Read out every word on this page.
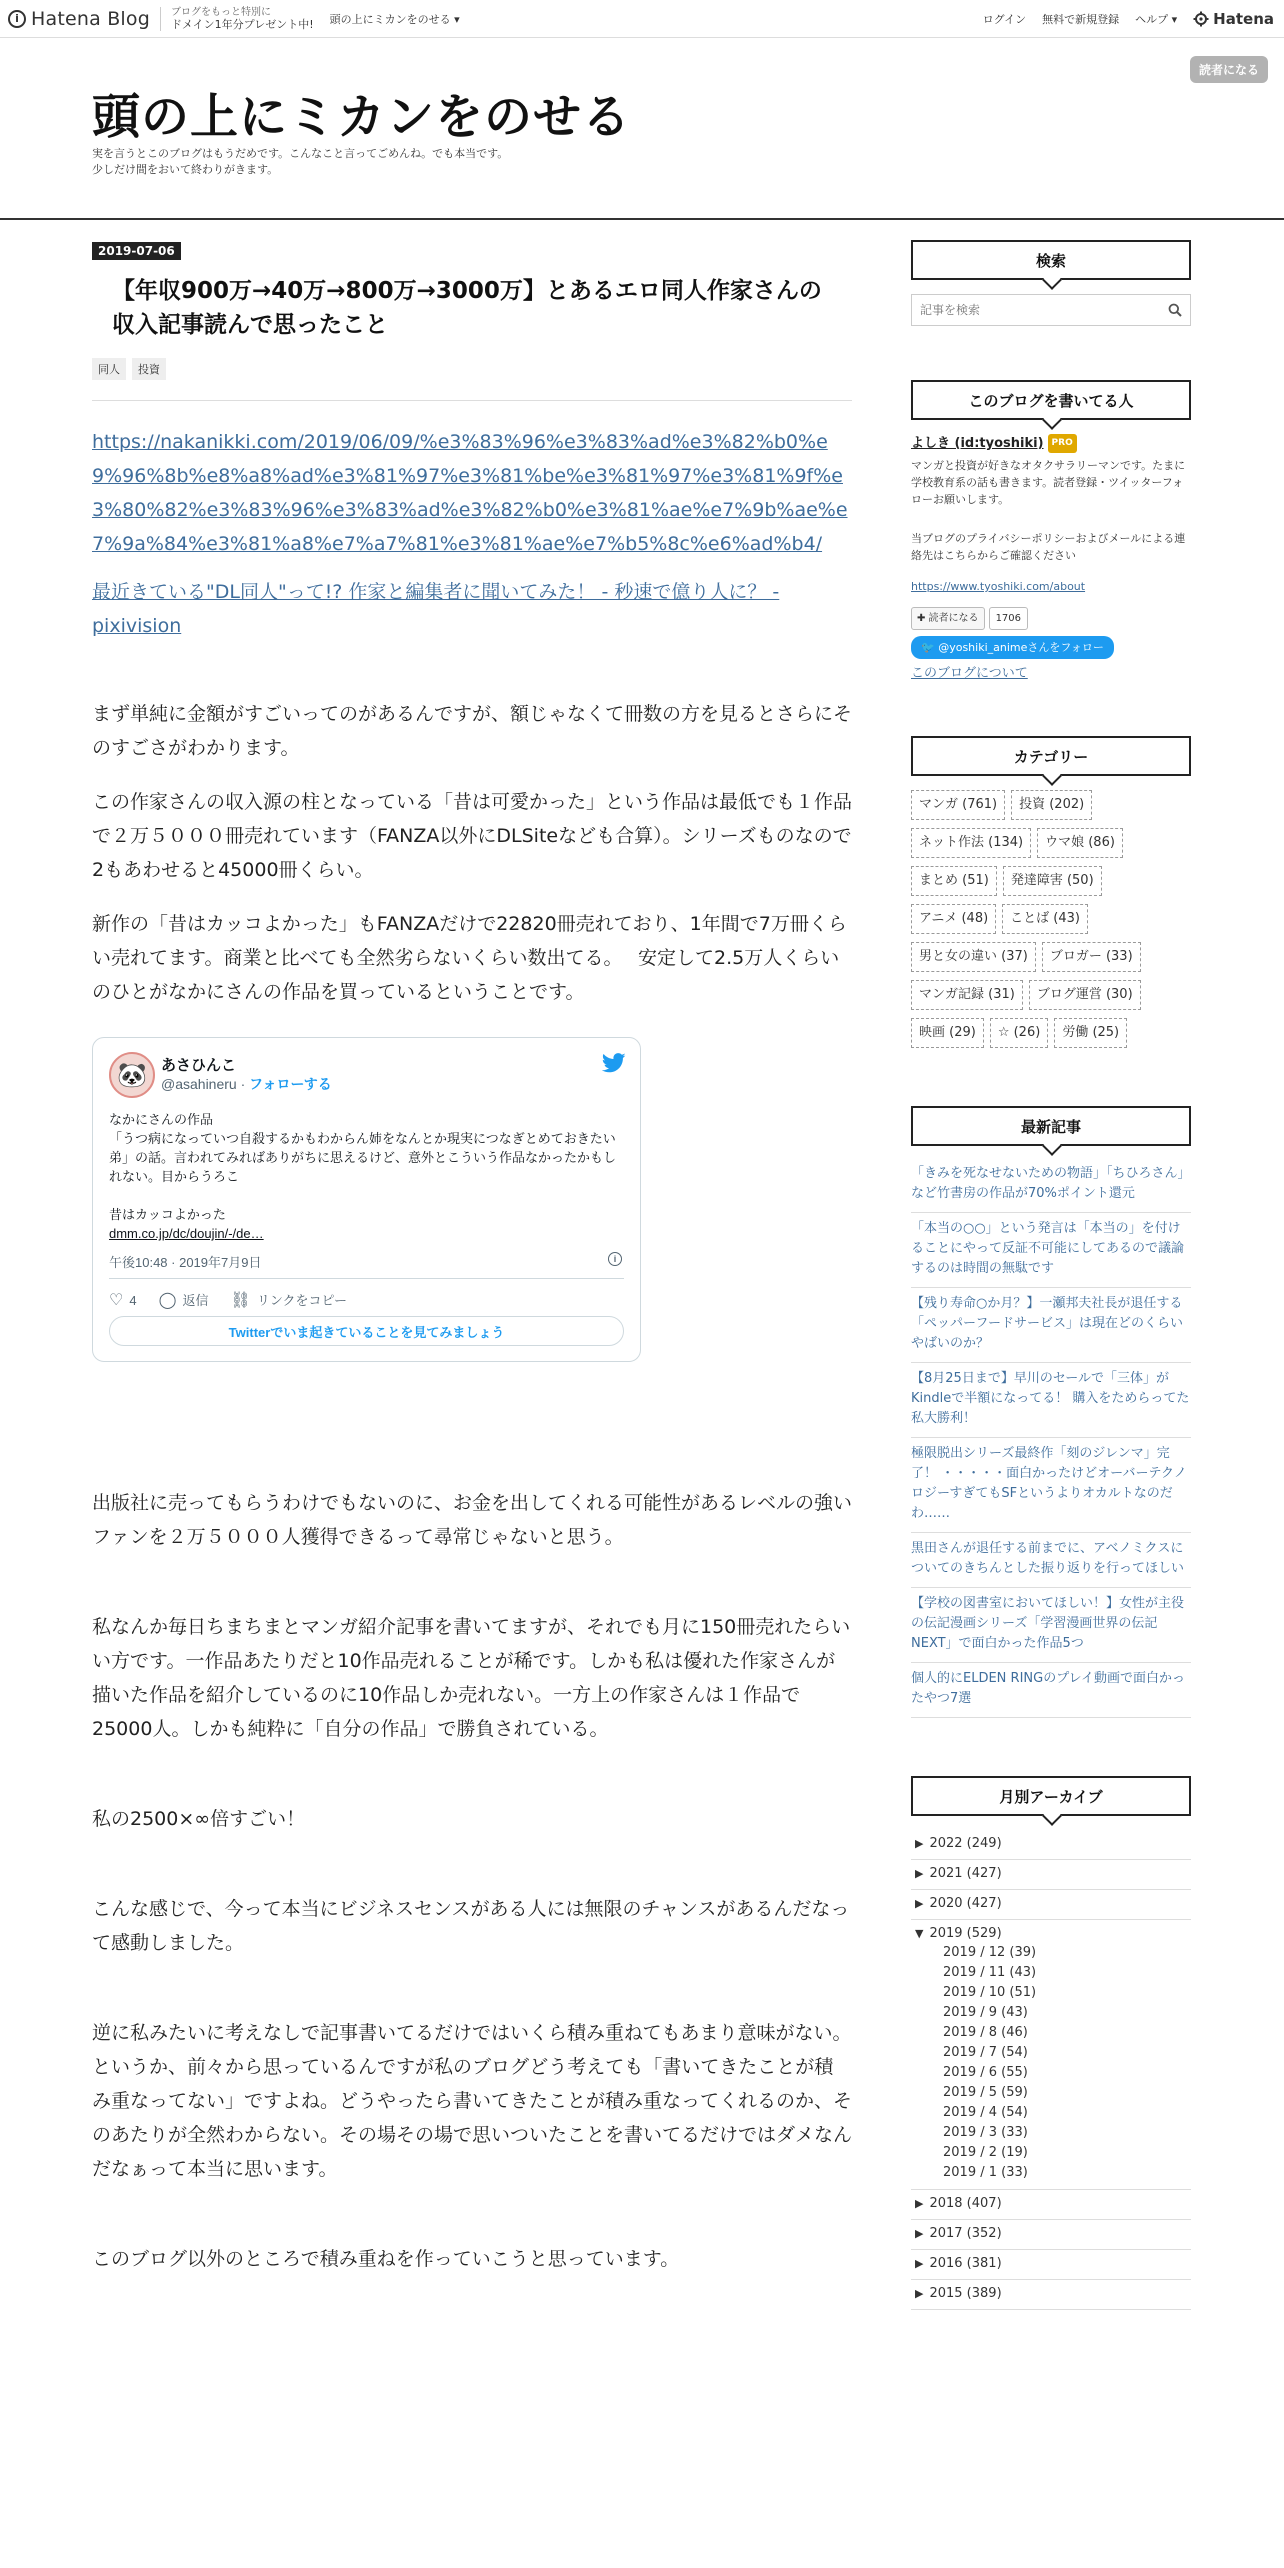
i Hatena Blog ブログをもっと特別に
ドメイン1年分プレゼント中! 頭の上にミカンをのせる ▾	ログイン 無料で新規登録 ヘルプ ▾ Hatena
頭の上にミカンをのせる
実を言うとこのブログはもうだめです。こんなこと言ってごめんね。でも本当です。
少しだけ間をおいて終わりがきます。
読者になる
2019-07-06
【年収900万→40万→800万→3000万】とあるエロ同人作家さんの収入記事読んで思ったこと
同人	投資
https://nakanikki.com/2019/06/09/%e3%83%96%e3%83%ad%e3%82%b0%e9%96%8b%e8%a8%ad%e3%81%97%e3%81%be%e3%81%97%e3%81%9f%e3%80%82%e3%83%96%e3%83%ad%e3%82%b0%e3%81%ae%e7%9b%ae%e7%9a%84%e3%81%a8%e7%a7%81%e3%81%ae%e7%b5%8c%e6%ad%b4/
最近きている"DL同人"って!? 作家と編集者に聞いてみた！ - 秒速で億り人に？ - pixivision

まず単純に金額がすごいってのがあるんですが、額じゃなくて冊数の方を見るとさらにそのすごさがわかります。

この作家さんの収入源の柱となっている「昔は可愛かった」という作品は最低でも１作品で２万５０００冊売れています（FANZA以外にDLSiteなども合算）。シリーズものなので2もあわせると45000冊くらい。

新作の「昔はカッコよかった」もFANZAだけで22820冊売れており、1年間で7万冊くらい売れてます。商業と比べても全然劣らないくらい数出てる。　 安定して2.5万人くらいのひとがなかにさんの作品を買っているということです。

🐼 あさひんこ
@asahineru · フォローする
なかにさんの作品
「うつ病になっていつ自殺するかもわからん姉をなんとか現実につなぎとめておきたい弟」の話。言われてみればありがちに思えるけど、意外とこういう作品なかったかもしれない。目からうろこ

昔はカッコよかった
dmm.co.jp/dc/doujin/-/de…
午後10:48 · 2019年7月9日	i
♡ 4 ◯ 返信 ⛓ リンクをコピー
Twitterでいま起きていることを見てみましょう

出版社に売ってもらうわけでもないのに、お金を出してくれる可能性があるレベルの強いファンを２万５０００人獲得できるって尋常じゃないと思う。

私なんか毎日ちまちまとマンガ紹介記事を書いてますが、それでも月に150冊売れたらいい方です。一作品あたりだと10作品売れることが稀です。しかも私は優れた作家さんが描いた作品を紹介しているのに10作品しか売れない。一方上の作家さんは１作品で25000人。しかも純粋に「自分の作品」で勝負されている。

私の2500×∞倍すごい！

こんな感じで、今って本当にビジネスセンスがある人には無限のチャンスがあるんだなって感動しました。

逆に私みたいに考えなしで記事書いてるだけではいくら積み重ねてもあまり意味がない。

というか、前々から思っているんですが私のブログどう考えても「書いてきたことが積み重なってない」ですよね。どうやったら書いてきたことが積み重なってくれるのか、そのあたりが全然わからない。その場その場で思いついたことを書いてるだけではダメなんだなぁって本当に思います。

このブログ以外のところで積み重ねを作っていこうと思っています。

検索
記事を検索
このブログを書いてる人
よしき (id:tyoshiki) PRO
マンガと投資が好きなオタクサラリーマンです。たまに学校教育系の話も書きます。読者登録・ツイッターフォローお願いします。
当ブログのプライバシーポリシーおよびメールによる連絡先はこちらからご確認ください
https://www.tyoshiki.com/about
✚ 読者になる	1706
🐦 @yoshiki_animeさんをフォロー
このブログについて
カテゴリー
マンガ (761)	投資 (202)
ネット作法 (134)	ウマ娘 (86)
まとめ (51)	発達障害 (50)
アニメ (48)	ことば (43)
男と女の違い (37)	ブロガー (33)
マンガ記録 (31)	ブログ運営 (30)
映画 (29)	☆ (26)	労働 (25)
最新記事
「きみを死なせないための物語」「ちひろさん」など竹書房の作品が70%ポイント還元
「本当の○○」という発言は「本当の」を付けることにやって反証不可能にしてあるので議論するのは時間の無駄です
【残り寿命○か月？】一瀬邦夫社長が退任する「ペッパーフードサービス」は現在どのくらいやばいのか？
【8月25日まで】早川のセールで「三体」がKindleで半額になってる！ 購入をためらってた私大勝利！
極限脱出シリーズ最終作「刻のジレンマ」完了！ ・・・・・面白かったけどオーバーテクノロジーすぎてもSFというよりオカルトなのだわ……
黒田さんが退任する前までに、アベノミクスについてのきちんとした振り返りを行ってほしい
【学校の図書室においてほしい！】女性が主役の伝記漫画シリーズ「学習漫画世界の伝記NEXT」で面白かった作品5つ
個人的にELDEN RINGのプレイ動画で面白かったやつ7選
月別アーカイブ
▶ 2022 (249)
▶ 2021 (427)
▶ 2020 (427)
▼ 2019 (529)
2019 / 12 (39)
2019 / 11 (43)
2019 / 10 (51)
2019 / 9 (43)
2019 / 8 (46)
2019 / 7 (54)
2019 / 6 (55)
2019 / 5 (59)
2019 / 4 (54)
2019 / 3 (33)
2019 / 2 (19)
2019 / 1 (33)
▶ 2018 (407)
▶ 2017 (352)
▶ 2016 (381)
▶ 2015 (389)
